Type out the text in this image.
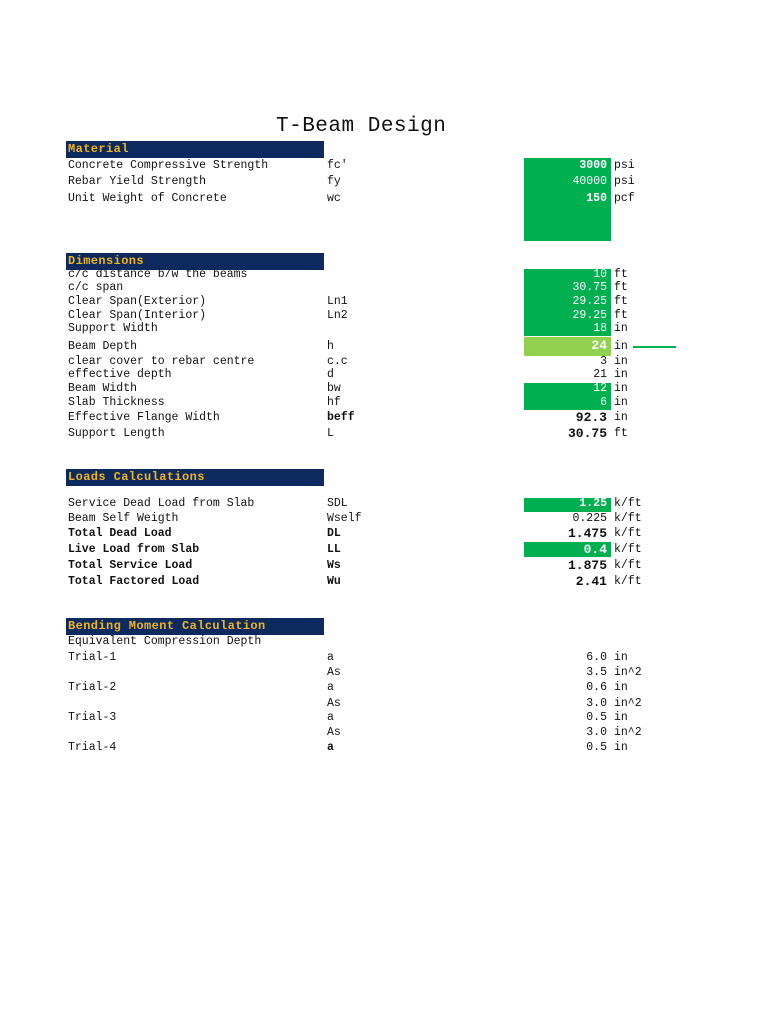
T-Beam Design
Material
Concrete Compressive Strength	fc'	3000 psi
Rebar Yield Strength	fy	40000 psi
Unit Weight of Concrete	wc	150 pcf
Dimensions
c/c distance b/w the beams	10 ft
c/c span	30.75 ft
Clear Span(Exterior)	Ln1	29.25 ft
Clear Span(Interior)	Ln2	29.25 ft
Support Width	18 in
Beam Depth	h	24 in
clear cover to rebar centre	c.c	3 in
effective depth	d	21 in
Beam Width	bw	12 in
Slab Thickness	hf	6 in
Effective Flange Width	beff	92.3 in
Support Length	L	30.75 ft
Loads Calculations
Service Dead Load from Slab	SDL	1.25 k/ft
Beam Self Weigth	Wself	0.225 k/ft
Total Dead Load	DL	1.475 k/ft
Live Load from Slab	LL	0.4 k/ft
Total Service Load	Ws	1.875 k/ft
Total Factored Load	Wu	2.41 k/ft
Bending Moment Calculation
Equivalent Compression Depth
Trial-1	a	6.0 in
As	3.5 in^2
Trial-2	a	0.6 in
As	3.0 in^2
Trial-3	a	0.5 in
As	3.0 in^2
Trial-4	a	0.5 in
